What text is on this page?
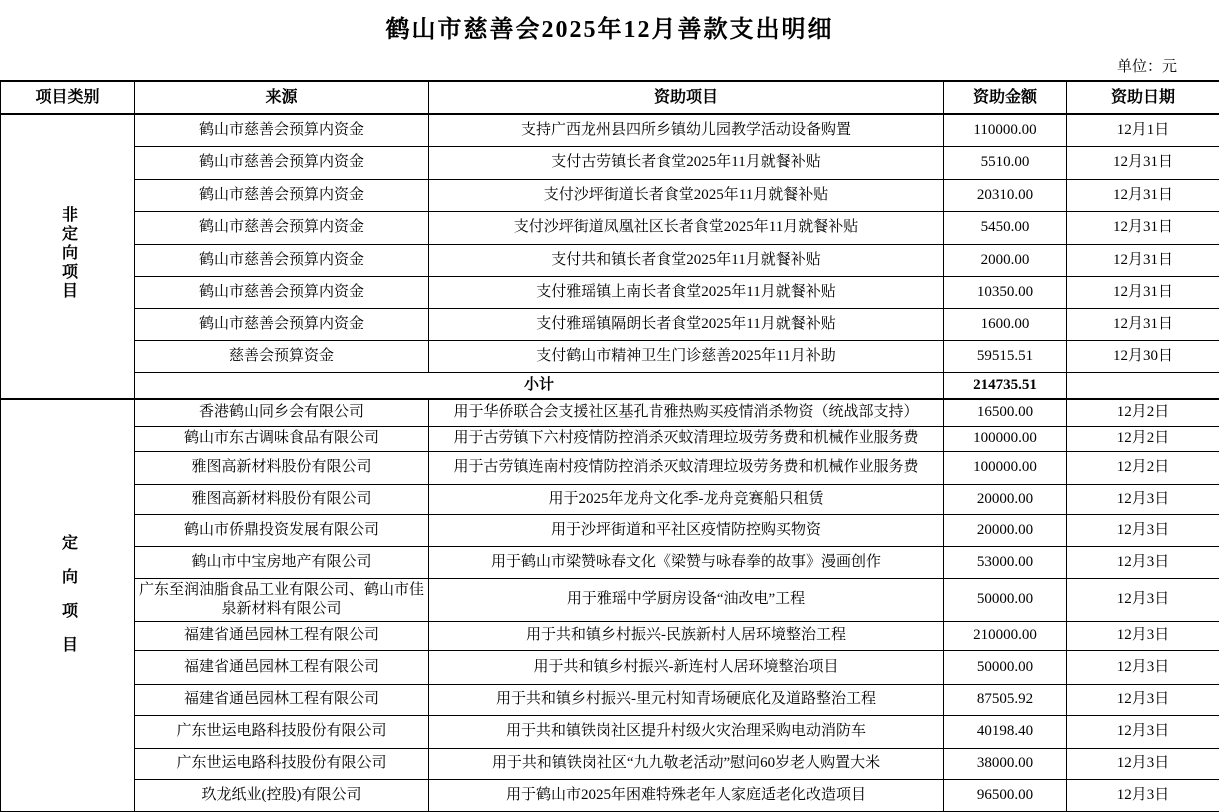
鹤山市慈善会2025年12月善款支出明细
单位：元
项目类别	来源	资助项目	资助金额	资助日期
非定向项目	鹤山市慈善会预算内资金	支持广西龙州县四所乡镇幼儿园教学活动设备购置	110000.00	12月1日
	鹤山市慈善会预算内资金	支付古劳镇长者食堂2025年11月就餐补贴	5510.00	12月31日
	鹤山市慈善会预算内资金	支付沙坪街道长者食堂2025年11月就餐补贴	20310.00	12月31日
	鹤山市慈善会预算内资金	支付沙坪街道凤凰社区长者食堂2025年11月就餐补贴	5450.00	12月31日
	鹤山市慈善会预算内资金	支付共和镇长者食堂2025年11月就餐补贴	2000.00	12月31日
	鹤山市慈善会预算内资金	支付雅瑶镇上南长者食堂2025年11月就餐补贴	10350.00	12月31日
	鹤山市慈善会预算内资金	支付雅瑶镇隔朗长者食堂2025年11月就餐补贴	1600.00	12月31日
	慈善会预算资金	支付鹤山市精神卫生门诊慈善2025年11月补助	59515.51	12月30日
	小计		214735.51	
定向项目	香港鹤山同乡会有限公司	用于华侨联合会支援社区基孔肯雅热购买疫情消杀物资（统战部支持）	16500.00	12月2日
	鹤山市东古调味食品有限公司	用于古劳镇下六村疫情防控消杀灭蚊清理垃圾劳务费和机械作业服务费	100000.00	12月2日
	雅图高新材料股份有限公司	用于古劳镇连南村疫情防控消杀灭蚊清理垃圾劳务费和机械作业服务费	100000.00	12月2日
	雅图高新材料股份有限公司	用于2025年龙舟文化季-龙舟竞赛船只租赁	20000.00	12月3日
	鹤山市侨鼎投资发展有限公司	用于沙坪街道和平社区疫情防控购买物资	20000.00	12月3日
	鹤山市中宝房地产有限公司	用于鹤山市梁赞咏春文化《梁赞与咏春拳的故事》漫画创作	53000.00	12月3日
	广东至润油脂食品工业有限公司、鹤山市佳泉新材料有限公司	用于雅瑶中学厨房设备“油改电”工程	50000.00	12月3日
	福建省通邑园林工程有限公司	用于共和镇乡村振兴-民族新村人居环境整治工程	210000.00	12月3日
	福建省通邑园林工程有限公司	用于共和镇乡村振兴-新连村人居环境整治项目	50000.00	12月3日
	福建省通邑园林工程有限公司	用于共和镇乡村振兴-里元村知青场硬底化及道路整治工程	87505.92	12月3日
	广东世运电路科技股份有限公司	用于共和镇铁岗社区提升村级火灾治理采购电动消防车	40198.40	12月3日
	广东世运电路科技股份有限公司	用于共和镇铁岗社区“九九敬老活动”慰问60岁老人购置大米	38000.00	12月3日
	玖龙纸业(控股)有限公司	用于鹤山市2025年困难特殊老年人家庭适老化改造项目	96500.00	12月3日
